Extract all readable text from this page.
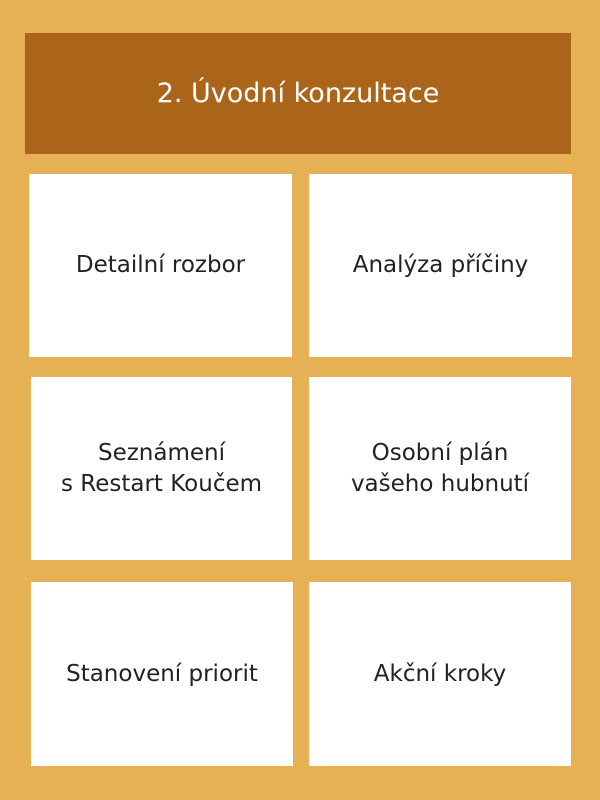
2. Úvodní konzultace
Detailní rozbor	Analýza příčiny
Seznámení
s Restart Koučem
Osobní plán
vašeho hubnutí
Stanovení priorit	Akční kroky
